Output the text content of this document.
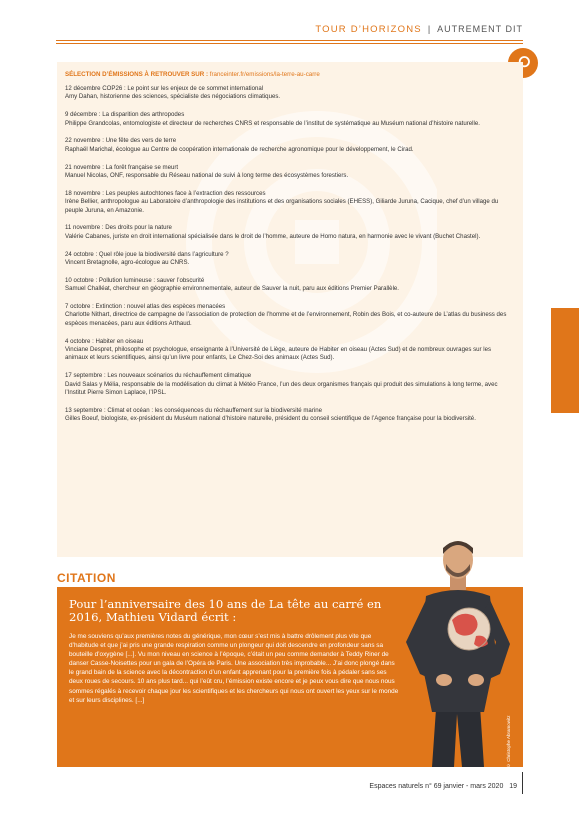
TOUR D’HORIZONS | AUTREMENT DIT
SÉLECTION D’ÉMISSIONS À RETROUVER SUR : franceinter.fr/emissions/la-terre-au-carre
12 décembre COP26 : Le point sur les enjeux de ce sommet international
Amy Dahan, historienne des sciences, spécialiste des négociations climatiques.
9 décembre : La disparition des arthropodes
Philippe Grandcolas, entomologiste et directeur de recherches CNRS et responsable de l’institut de systématique au Muséum national d’histoire naturelle.
22 novembre : Une fête des vers de terre
Raphaël Marichal, écologue au Centre de coopération internationale de recherche agronomique pour le développement, le Cirad.
21 novembre : La forêt française se meurt
Manuel Nicolas, ONF, responsable du Réseau national de suivi à long terme des écosystèmes forestiers.
18 novembre : Les peuples autochtones face à l’extraction des ressources
Irène Bellier, anthropologue au Laboratoire d’anthropologie des institutions et des organisations sociales (EHESS), Giliarde Juruna, Cacique, chef d’un village du peuple Juruna, en Amazonie.
11 novembre : Des droits pour la nature
Valérie Cabanes, juriste en droit international spécialisée dans le droit de l’homme, auteure de Homo natura, en harmonie avec le vivant (Buchet Chastel).
24 octobre : Quel rôle joue la biodiversité dans l’agriculture ?
Vincent Bretagnolle, agro-écologue au CNRS.
10 octobre : Pollution lumineuse : sauver l’obscurité
Samuel Challéat, chercheur en géographie environnementale, auteur de Sauver la nuit, paru aux éditions Premier Parallèle.
7 octobre : Extinction : nouvel atlas des espèces menacées
Charlotte Nithart, directrice de campagne de l’association de protection de l’homme et de l’environnement, Robin des Bois, et co-auteure de L’atlas du business des espèces menacées, paru aux éditions Arthaud.
4 octobre : Habiter en oiseau
Vinciane Despret, philosophe et psychologue, enseignante à l’Université de Liège, auteure de Habiter en oiseau (Actes Sud) et de nombreux ouvrages sur les animaux et leurs scientifiques, ainsi qu’un livre pour enfants, Le Chez-Soi des animaux (Actes Sud).
17 septembre : Les nouveaux scénarios du réchauffement climatique
David Salas y Mélia, responsable de la modélisation du climat à Météo France, l’un des deux organismes français qui produit des simulations à long terme, avec l’Institut Pierre Simon Laplace, l’IPSL.
13 septembre : Climat et océan : les conséquences du réchauffement sur la biodiversité marine
Gilles Boeuf, biologiste, ex-président du Muséum national d’histoire naturelle, président du conseil scientifique de l’Agence française pour la biodiversité.
CITATION
Pour l’anniversaire des 10 ans de La tête au carré en 2016, Mathieu Vidard écrit :

Je me souviens qu’aux premières notes du générique, mon cœur s’est mis à battre drôlement plus vite que d’habitude et que j’ai pris une grande respiration comme un plongeur qui doit descendre en profondeur sans sa bouteille d’oxygène [...]. Vu mon niveau en science à l’époque, c’était un peu comme demander à Teddy Riner de danser Casse-Noisettes pour un gala de l’Opéra de Paris. Une association très improbable... J’ai donc plongé dans le grand bain de la science avec la décontraction d’un enfant apprenant pour la première fois à pédaler sans ses deux roues de secours. 10 ans plus tard... qui l’eût cru, l’émission existe encore et je peux vous dire que nous nous sommes régalés à recevoir chaque jour les scientifiques et les chercheurs qui nous ont ouvert les yeux sur le monde et sur leurs disciplines. [...]

© Christophe Abramowitz
Espaces naturels n° 69 janvier - mars 2020 19
